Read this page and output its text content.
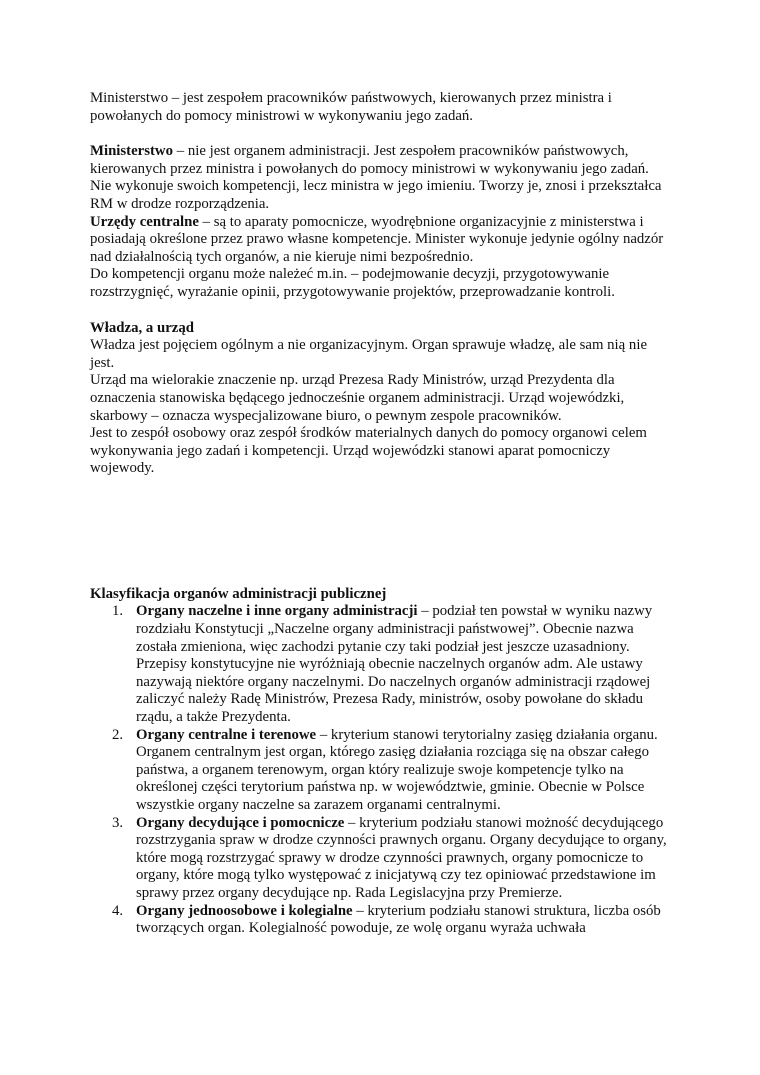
Ministerstwo – jest zespołem pracowników państwowych, kierowanych przez ministra i powołanych do pomocy ministrowi w wykonywaniu jego zadań.

Ministerstwo – nie jest organem administracji. Jest zespołem pracowników państwowych, kierowanych przez ministra i powołanych do pomocy ministrowi w wykonywaniu jego zadań. Nie wykonuje swoich kompetencji, lecz ministra w jego imieniu. Tworzy je, znosi i przekształca RM w drodze rozporządzenia.

Urzędy centralne – są to aparaty pomocnicze, wyodrębnione organizacyjnie z ministerstwa i posiadają określone przez prawo własne kompetencje. Minister wykonuje jedynie ogólny nadzór nad działalnością tych organów, a nie kieruje nimi bezpośrednio.

Do kompetencji organu może należeć m.in. – podejmowanie decyzji, przygotowywanie rozstrzygnięć, wyrażanie opinii, przygotowywanie projektów, przeprowadzanie kontroli.

Władza, a urząd

Władza jest pojęciem ogólnym a nie organizacyjnym. Organ sprawuje władzę, ale sam nią nie jest.

Urząd ma wielorakie znaczenie np. urząd Prezesa Rady Ministrów, urząd Prezydenta dla oznaczenia stanowiska będącego jednocześnie organem administracji. Urząd wojewódzki, skarbowy – oznacza wyspecjalizowane biuro, o pewnym zespole pracowników.

Jest to zespół osobowy oraz zespół środków materialnych danych do pomocy organowi celem wykonywania jego zadań i kompetencji. Urząd wojewódzki stanowi aparat pomocniczy wojewody.

Klasyfikacja organów administracji publicznej

1. Organy naczelne i inne organy administracji – podział ten powstał w wyniku nazwy rozdziału Konstytucji „Naczelne organy administracji państwowej”. Obecnie nazwa została zmieniona, więc zachodzi pytanie czy taki podział jest jeszcze uzasadniony. Przepisy konstytucyjne nie wyróżniają obecnie naczelnych organów adm. Ale ustawy nazywają niektóre organy naczelnymi. Do naczelnych organów administracji rządowej zaliczyć należy Radę Ministrów, Prezesa Rady, ministrów, osoby powołane do składu rządu, a także Prezydenta.
2. Organy centralne i terenowe – kryterium stanowi terytorialny zasięg działania organu. Organem centralnym jest organ, którego zasięg działania rozciąga się na obszar całego państwa, a organem terenowym, organ który realizuje swoje kompetencje tylko na określonej części terytorium państwa np. w województwie, gminie. Obecnie w Polsce wszystkie organy naczelne sa zarazem organami centralnymi.
3. Organy decydujące i pomocnicze – kryterium podziału stanowi możność decydującego rozstrzygania spraw w drodze czynności prawnych organu. Organy decydujące to organy, które mogą rozstrzygać sprawy w drodze czynności prawnych, organy pomocnicze to organy, które mogą tylko występować z inicjatywą czy tez opiniować przedstawione im sprawy przez organy decydujące np. Rada Legislacyjna przy Premierze.
4. Organy jednoosobowe i kolegialne – kryterium podziału stanowi struktura, liczba osób tworzących organ. Kolegialność powoduje, ze wolę organu wyraża uchwała
